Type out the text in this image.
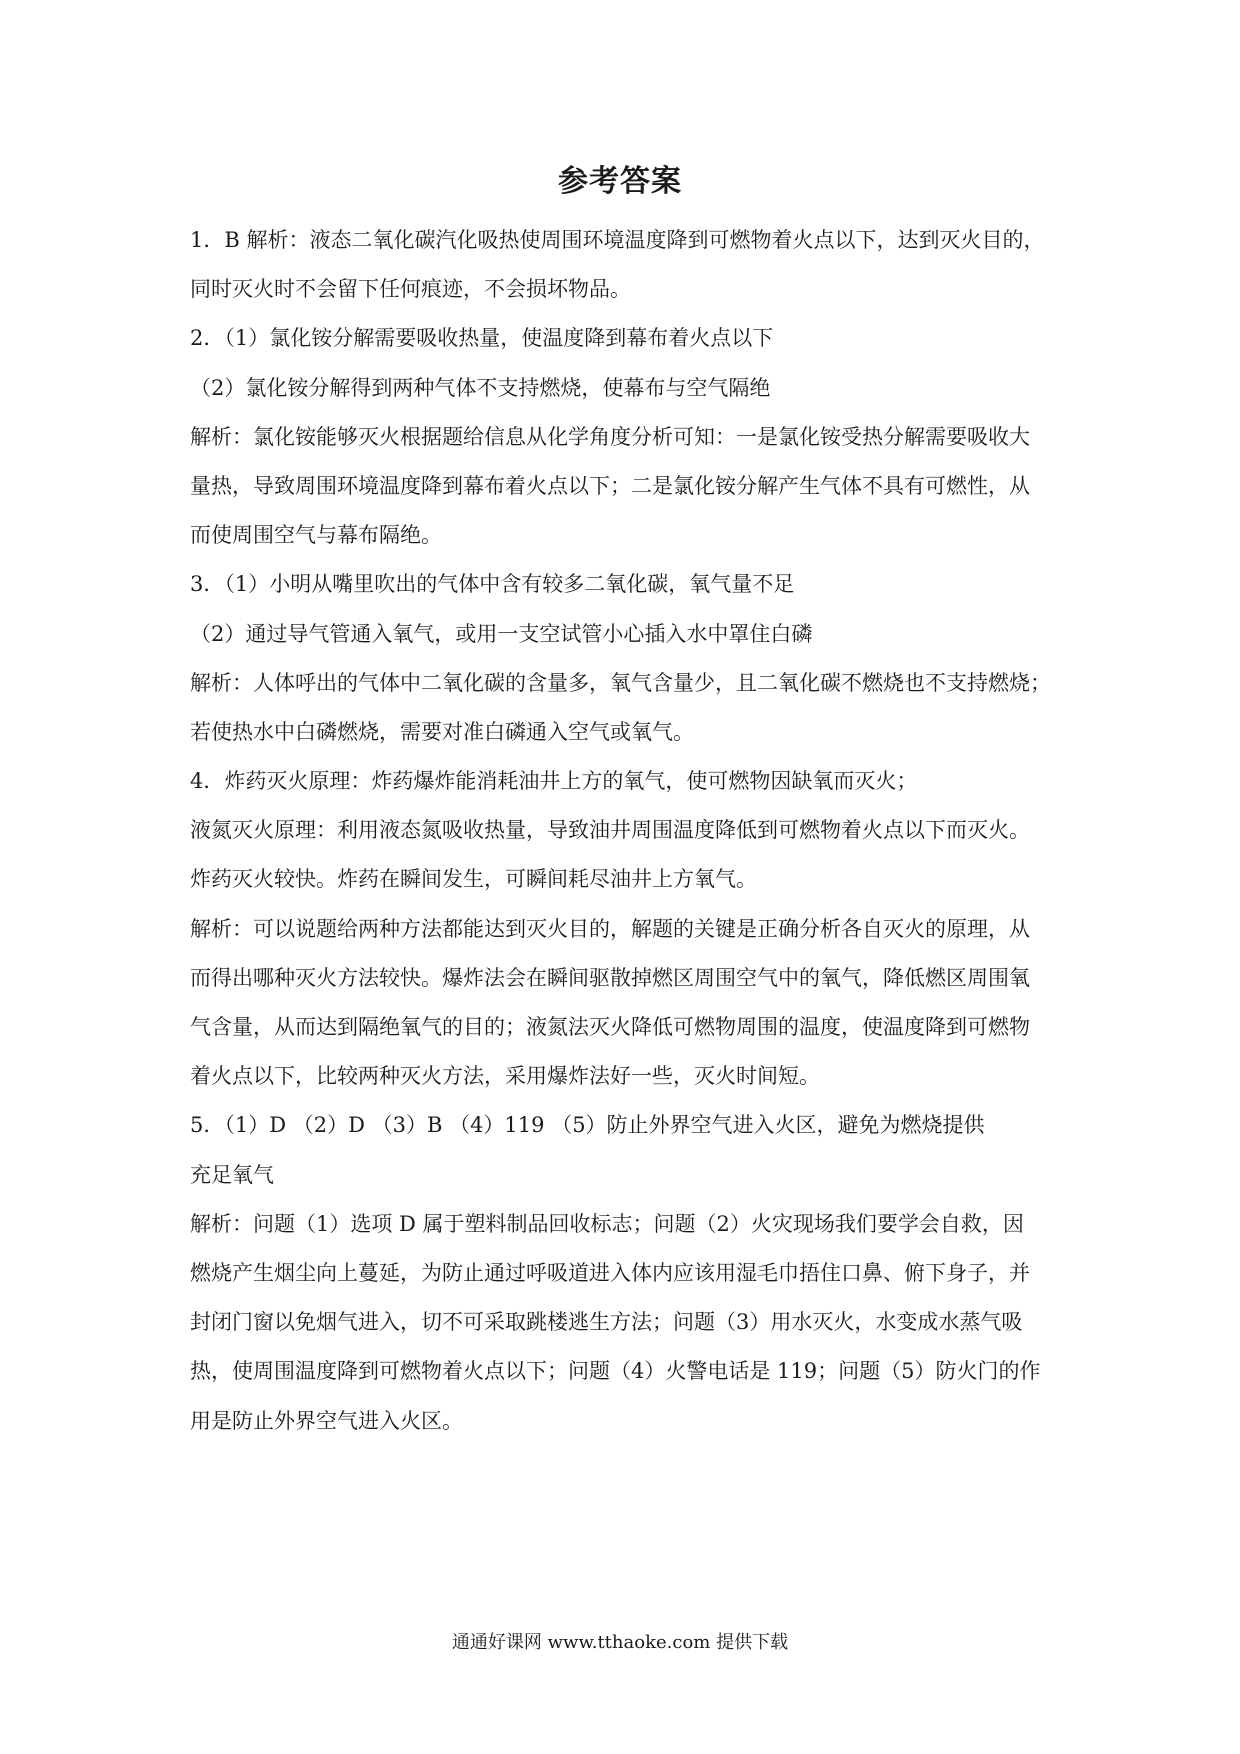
参考答案
1．B 解析：液态二氧化碳汽化吸热使周围环境温度降到可燃物着火点以下，达到灭火目的，
同时灭火时不会留下任何痕迹，不会损坏物品。
2．（1）氯化铵分解需要吸收热量，使温度降到幕布着火点以下
（2）氯化铵分解得到两种气体不支持燃烧，使幕布与空气隔绝
解析：氯化铵能够灭火根据题给信息从化学角度分析可知：一是氯化铵受热分解需要吸收大
量热，导致周围环境温度降到幕布着火点以下；二是氯化铵分解产生气体不具有可燃性，从
而使周围空气与幕布隔绝。
3．（1）小明从嘴里吹出的气体中含有较多二氧化碳，氧气量不足
（2）通过导气管通入氧气，或用一支空试管小心插入水中罩住白磷
解析：人体呼出的气体中二氧化碳的含量多，氧气含量少，且二氧化碳不燃烧也不支持燃烧；
若使热水中白磷燃烧，需要对准白磷通入空气或氧气。
4．炸药灭火原理：炸药爆炸能消耗油井上方的氧气，使可燃物因缺氧而灭火；
液氮灭火原理：利用液态氮吸收热量，导致油井周围温度降低到可燃物着火点以下而灭火。
炸药灭火较快。炸药在瞬间发生，可瞬间耗尽油井上方氧气。
解析：可以说题给两种方法都能达到灭火目的，解题的关键是正确分析各自灭火的原理，从
而得出哪种灭火方法较快。爆炸法会在瞬间驱散掉燃区周围空气中的氧气，降低燃区周围氧
气含量，从而达到隔绝氧气的目的；液氮法灭火降低可燃物周围的温度，使温度降到可燃物
着火点以下，比较两种灭火方法，采用爆炸法好一些，灭火时间短。
5．（1）D （2）D （3）B （4）119 （5）防止外界空气进入火区，避免为燃烧提供
充足氧气
解析：问题（1）选项 D 属于塑料制品回收标志；问题（2）火灾现场我们要学会自救，因
燃烧产生烟尘向上蔓延，为防止通过呼吸道进入体内应该用湿毛巾捂住口鼻、俯下身子，并
封闭门窗以免烟气进入，切不可采取跳楼逃生方法；问题（3）用水灭火，水变成水蒸气吸
热，使周围温度降到可燃物着火点以下；问题（4）火警电话是 119；问题（5）防火门的作
用是防止外界空气进入火区。
通通好课网 www.tthaoke.com 提供下载
